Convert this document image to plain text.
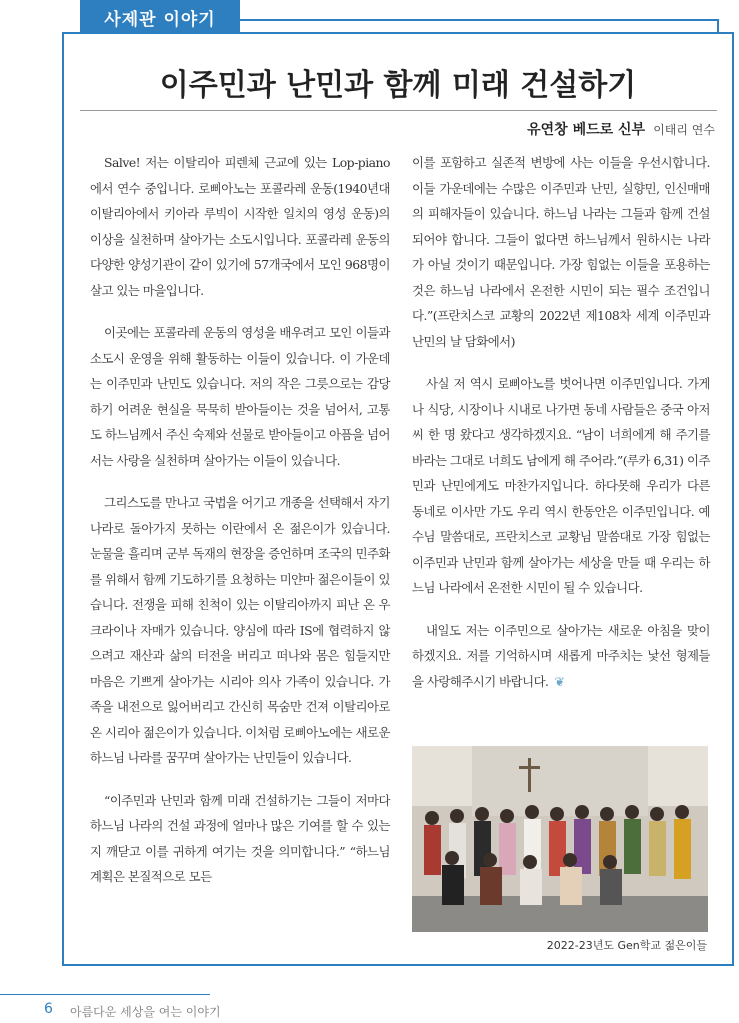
사제관 이야기
이주민과 난민과 함께 미래 건설하기
유연창 베드로 신부 이태리 연수

Salve! 저는 이탈리아 피렌체 근교에 있는 Lop-piano에서 연수 중입니다. 로삐아노는 포콜라레 운동(1940년대 이탈리아에서 키아라 루빅이 시작한 일치의 영성 운동)의 이상을 실천하며 살아가는 소도시입니다. 포콜라레 운동의 다양한 양성기관이 같이 있기에 57개국에서 모인 968명이 살고 있는 마을입니다.

이곳에는 포콜라레 운동의 영성을 배우려고 모인 이들과 소도시 운영을 위해 활동하는 이들이 있습니다. 이 가운데는 이주민과 난민도 있습니다. 저의 작은 그릇으로는 감당하기 어려운 현실을 묵묵히 받아들이는 것을 넘어서, 고통도 하느님께서 주신 숙제와 선물로 받아들이고 아픔을 넘어서는 사랑을 실천하며 살아가는 이들이 있습니다.

그리스도를 만나고 국법을 어기고 개종을 선택해서 자기 나라로 돌아가지 못하는 이란에서 온 젊은이가 있습니다. 눈물을 흘리며 군부 독재의 현장을 증언하며 조국의 민주화를 위해서 함께 기도하기를 요청하는 미얀마 젊은이들이 있습니다. 전쟁을 피해 친척이 있는 이탈리아까지 피난 온 우크라이나 자매가 있습니다. 양심에 따라 IS에 협력하지 않으려고 재산과 삶의 터전을 버리고 떠나와 몸은 힘들지만 마음은 기쁘게 살아가는 시리아 의사 가족이 있습니다. 가족을 내전으로 잃어버리고 간신히 목숨만 건져 이탈리아로 온 시리아 젊은이가 있습니다. 이처럼 로삐아노에는 새로운 하느님 나라를 꿈꾸며 살아가는 난민들이 있습니다.

“이주민과 난민과 함께 미래 건설하기는 그들이 저마다 하느님 나라의 건설 과정에 얼마나 많은 기여를 할 수 있는지 깨닫고 이를 귀하게 여기는 것을 의미합니다.” “하느님 계획은 본질적으로 모든

이를 포함하고 실존적 변방에 사는 이들을 우선시합니다. 이들 가운데에는 수많은 이주민과 난민, 실향민, 인신매매의 피해자들이 있습니다. 하느님 나라는 그들과 함께 건설되어야 합니다. 그들이 없다면 하느님께서 원하시는 나라가 아닐 것이기 때문입니다. 가장 힘없는 이들을 포용하는 것은 하느님 나라에서 온전한 시민이 되는 필수 조건입니다.”(프란치스코 교황의 2022년 제108차 세계 이주민과 난민의 날 담화에서)

사실 저 역시 로삐아노를 벗어나면 이주민입니다. 가게나 식당, 시장이나 시내로 나가면 동네 사람들은 중국 아저씨 한 명 왔다고 생각하겠지요. “남이 너희에게 해 주기를 바라는 그대로 너희도 남에게 해 주어라.”(루카 6,31) 이주민과 난민에게도 마찬가지입니다. 하다못해 우리가 다른 동네로 이사만 가도 우리 역시 한동안은 이주민입니다. 예수님 말씀대로, 프란치스코 교황님 말씀대로 가장 힘없는 이주민과 난민과 함께 살아가는 세상을 만들 때 우리는 하느님 나라에서 온전한 시민이 될 수 있습니다.

내일도 저는 이주민으로 살아가는 새로운 아침을 맞이하겠지요. 저를 기억하시며 새롭게 마주치는 낯선 형제들을 사랑해주시기 바랍니다. ❦

2022-23년도 Gen학교 젊은이들
6 아름다운 세상을 여는 이야기
